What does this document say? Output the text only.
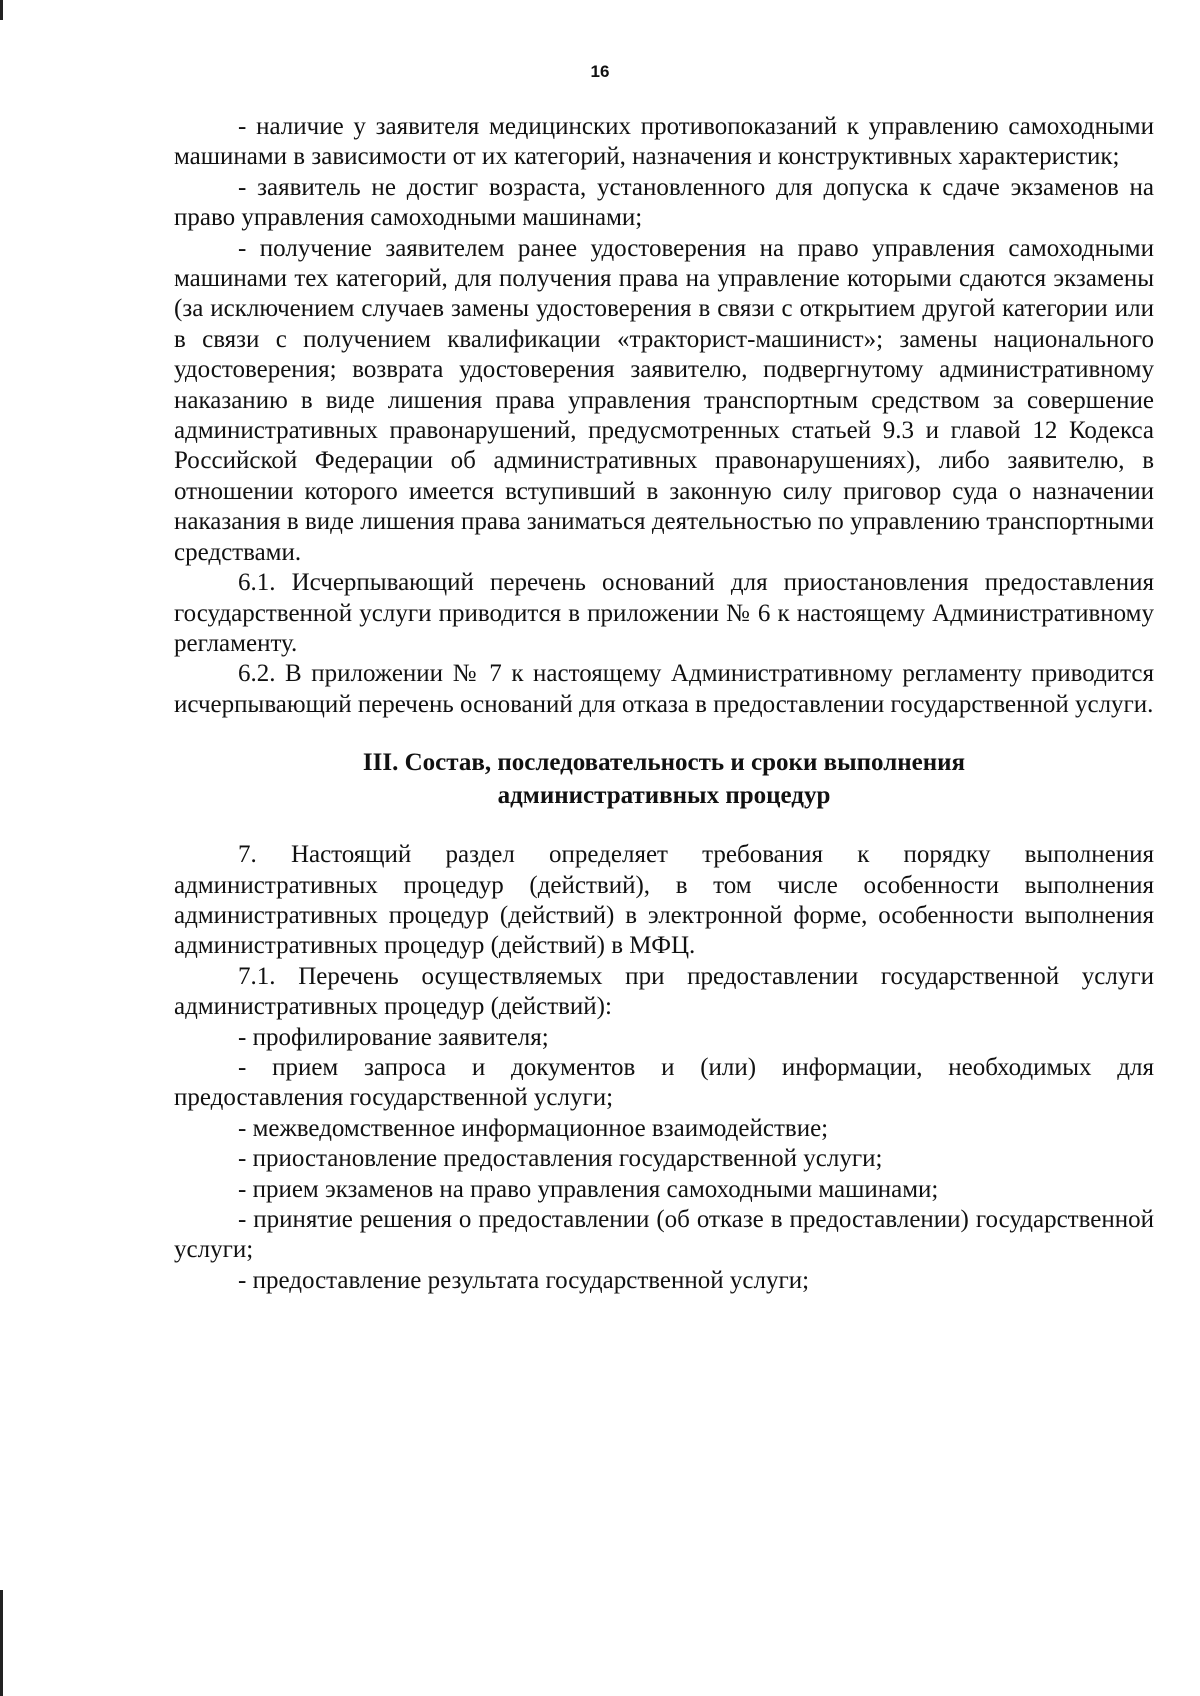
16

- наличие у заявителя медицинских противопоказаний к управлению самоходными машинами в зависимости от их категорий, назначения и конструктивных характеристик;

- заявитель не достиг возраста, установленного для допуска к сдаче экзаменов на право управления самоходными машинами;

- получение заявителем ранее удостоверения на право управления самоходными машинами тех категорий, для получения права на управление которыми сдаются экзамены (за исключением случаев замены удостоверения в связи с открытием другой категории или в связи с получением квалификации «тракторист-машинист»; замены национального удостоверения; возврата удостоверения заявителю, подвергнутому административному наказанию в виде лишения права управления транспортным средством за совершение административных правонарушений, предусмотренных статьей 9.3 и главой 12 Кодекса Российской Федерации об административных правонарушениях), либо заявителю, в отношении которого имеется вступивший в законную силу приговор суда о назначении наказания в виде лишения права заниматься деятельностью по управлению транспортными средствами.

6.1. Исчерпывающий перечень оснований для приостановления предоставления государственной услуги приводится в приложении № 6 к настоящему Административному регламенту.

6.2. В приложении № 7 к настоящему Административному регламенту приводится исчерпывающий перечень оснований для отказа в предоставлении государственной услуги.

III. Состав, последовательность и сроки выполнения
административных процедур

7. Настоящий раздел определяет требования к порядку выполнения административных процедур (действий), в том числе особенности выполнения административных процедур (действий) в электронной форме, особенности выполнения административных процедур (действий) в МФЦ.

7.1. Перечень осуществляемых при предоставлении государственной услуги административных процедур (действий):

- профилирование заявителя;

- прием запроса и документов и (или) информации, необходимых для предоставления государственной услуги;

- межведомственное информационное взаимодействие;

- приостановление предоставления государственной услуги;

- прием экзаменов на право управления самоходными машинами;

- принятие решения о предоставлении (об отказе в предоставлении) государственной услуги;

- предоставление результата государственной услуги;
